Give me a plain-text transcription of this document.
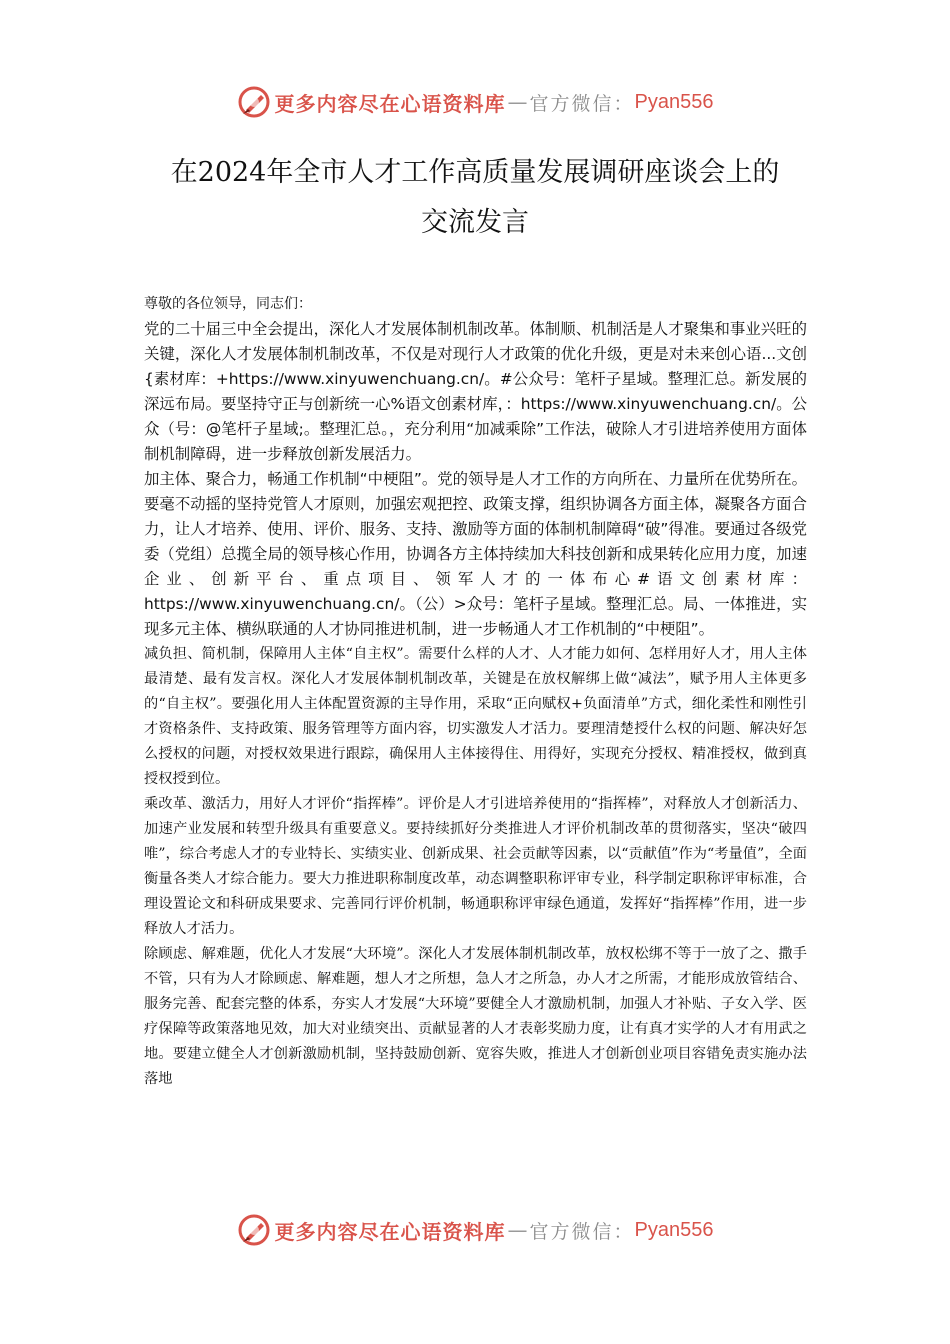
更多内容尽在心语资料库 — 官方微信： Pyan556
在2024年全市人才工作高质量发展调研座谈会上的
交流发言

尊敬的各位领导，同志们：

党的二十届三中全会提出，深化人才发展体制机制改革。体制顺、机制活是人才聚集和事业兴旺的关键，深化人才发展体制机制改革，不仅是对现行人才政策的优化升级，更是对未来创心语...文创{素材库：+https://www.xinyuwenchuang.cn/。#公众号：笔杆子星域。整理汇总。新发展的深远布局。要坚持守正与创新统一心%语文创素材库，：https://www.xinyuwenchuang.cn/。公众（号：@笔杆子星域;。整理汇总。，充分利用“加减乘除”工作法，破除人才引进培养使用方面体制机制障碍，进一步释放创新发展活力。

加主体、聚合力，畅通工作机制“中梗阻”。党的领导是人才工作的方向所在、力量所在优势所在。要毫不动摇的坚持党管人才原则，加强宏观把控、政策支撑，组织协调各方面主体，凝聚各方面合力，让人才培养、使用、评价、服务、支持、激励等方面的体制机制障碍“破”得准。要通过各级党委（党组）总揽全局的领导核心作用，协调各方主体持续加大科技创新和成果转化应用力度，加速企业、创新平台、重点项目、领军人才的一体布心#语文创素材库：https://www.xinyuwenchuang.cn/。（公）>众号：笔杆子星域。整理汇总。局、一体推进，实现多元主体、横纵联通的人才协同推进机制，进一步畅通人才工作机制的“中梗阻”。

减负担、简机制，保障用人主体“自主权”。需要什么样的人才、人才能力如何、怎样用好人才，用人主体最清楚、最有发言权。深化人才发展体制机制改革，关键是在放权解绑上做“减法”，赋予用人主体更多的“自主权”。要强化用人主体配置资源的主导作用，采取“正向赋权+负面清单”方式，细化柔性和刚性引才资格条件、支持政策、服务管理等方面内容，切实激发人才活力。要理清楚授什么权的问题、解决好怎么授权的问题，对授权效果进行跟踪，确保用人主体接得住、用得好，实现充分授权、精准授权，做到真授权授到位。

乘改革、激活力，用好人才评价“指挥棒”。评价是人才引进培养使用的“指挥棒”，对释放人才创新活力、加速产业发展和转型升级具有重要意义。要持续抓好分类推进人才评价机制改革的贯彻落实，坚决“破四唯”，综合考虑人才的专业特长、实绩实业、创新成果、社会贡献等因素，以“贡献值”作为“考量值”，全面衡量各类人才综合能力。要大力推进职称制度改革，动态调整职称评审专业，科学制定职称评审标准，合理设置论文和科研成果要求、完善同行评价机制，畅通职称评审绿色通道，发挥好“指挥棒”作用，进一步释放人才活力。

除顾虑、解难题，优化人才发展“大环境”。深化人才发展体制机制改革，放权松绑不等于一放了之、撒手不管，只有为人才除顾虑、解难题，想人才之所想，急人才之所急，办人才之所需，才能形成放管结合、服务完善、配套完整的体系，夯实人才发展“大环境”要健全人才激励机制，加强人才补贴、子女入学、医疗保障等政策落地见效，加大对业绩突出、贡献显著的人才表彰奖励力度，让有真才实学的人才有用武之地。要建立健全人才创新激励机制，坚持鼓励创新、宽容失败，推进人才创新创业项目容错免责实施办法落地

更多内容尽在心语资料库 — 官方微信： Pyan556
